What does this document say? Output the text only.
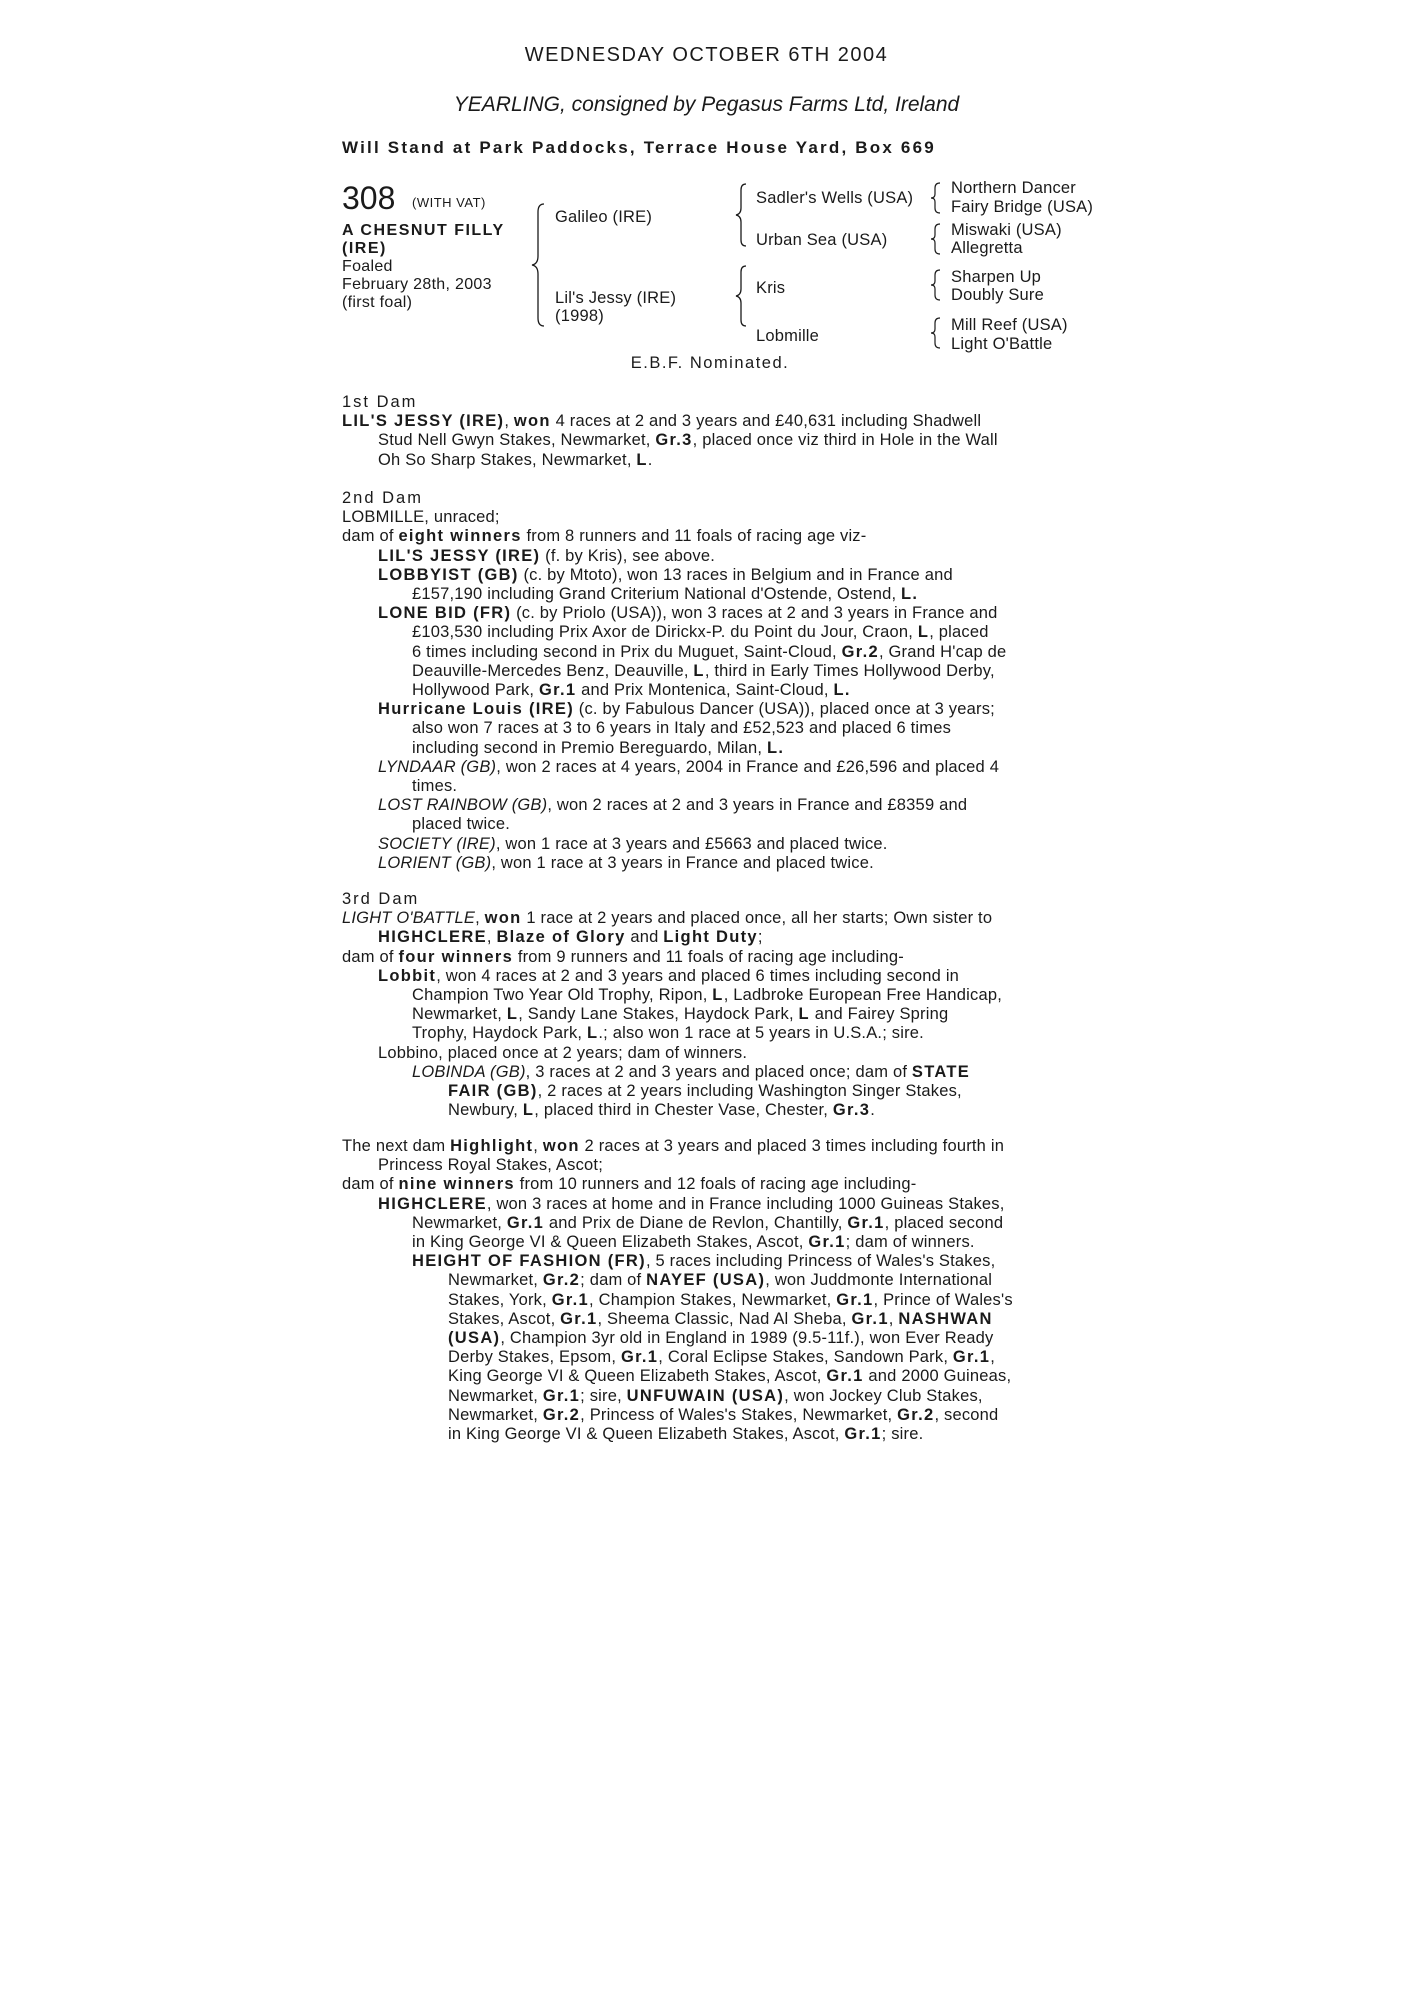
WEDNESDAY OCTOBER 6TH 2004
YEARLING, consigned by Pegasus Farms Ltd, Ireland
Will Stand at Park Paddocks, Terrace House Yard, Box 669
308 (WITH VAT)
A CHESNUT FILLY
(IRE)
Foaled
February 28th, 2003
(first foal)
Galileo (IRE)
Lil's Jessy (IRE)
(1998)
Sadler's Wells (USA)
Urban Sea (USA)
Kris
Lobmille
Northern Dancer
Fairy Bridge (USA)
Miswaki (USA)
Allegretta
Sharpen Up
Doubly Sure
Mill Reef (USA)
Light O'Battle
E.B.F. Nominated.

1st Dam

LIL'S JESSY (IRE), won 4 races at 2 and 3 years and £40,631 including Shadwell

Stud Nell Gwyn Stakes, Newmarket, Gr.3, placed once viz third in Hole in the Wall

Oh So Sharp Stakes, Newmarket, L.

2nd Dam

LOBMILLE, unraced;

dam of eight winners from 8 runners and 11 foals of racing age viz-

LIL'S JESSY (IRE) (f. by Kris), see above.

LOBBYIST (GB) (c. by Mtoto), won 13 races in Belgium and in France and

£157,190 including Grand Criterium National d'Ostende, Ostend, L.

LONE BID (FR) (c. by Priolo (USA)), won 3 races at 2 and 3 years in France and

£103,530 including Prix Axor de Dirickx-P. du Point du Jour, Craon, L, placed

6 times including second in Prix du Muguet, Saint-Cloud, Gr.2, Grand H'cap de

Deauville-Mercedes Benz, Deauville, L, third in Early Times Hollywood Derby,

Hollywood Park, Gr.1 and Prix Montenica, Saint-Cloud, L.

Hurricane Louis (IRE) (c. by Fabulous Dancer (USA)), placed once at 3 years;

also won 7 races at 3 to 6 years in Italy and £52,523 and placed 6 times

including second in Premio Bereguardo, Milan, L.

LYNDAAR (GB), won 2 races at 4 years, 2004 in France and £26,596 and placed 4

times.

LOST RAINBOW (GB), won 2 races at 2 and 3 years in France and £8359 and

placed twice.

SOCIETY (IRE), won 1 race at 3 years and £5663 and placed twice.

LORIENT (GB), won 1 race at 3 years in France and placed twice.

3rd Dam

LIGHT O'BATTLE, won 1 race at 2 years and placed once, all her starts; Own sister to

HIGHCLERE, Blaze of Glory and Light Duty;

dam of four winners from 9 runners and 11 foals of racing age including-

Lobbit, won 4 races at 2 and 3 years and placed 6 times including second in

Champion Two Year Old Trophy, Ripon, L, Ladbroke European Free Handicap,

Newmarket, L, Sandy Lane Stakes, Haydock Park, L and Fairey Spring

Trophy, Haydock Park, L.; also won 1 race at 5 years in U.S.A.; sire.

Lobbino, placed once at 2 years; dam of winners.

LOBINDA (GB), 3 races at 2 and 3 years and placed once; dam of STATE

FAIR (GB), 2 races at 2 years including Washington Singer Stakes,

Newbury, L, placed third in Chester Vase, Chester, Gr.3.

The next dam Highlight, won 2 races at 3 years and placed 3 times including fourth in

Princess Royal Stakes, Ascot;

dam of nine winners from 10 runners and 12 foals of racing age including-

HIGHCLERE, won 3 races at home and in France including 1000 Guineas Stakes,

Newmarket, Gr.1 and Prix de Diane de Revlon, Chantilly, Gr.1, placed second

in King George VI & Queen Elizabeth Stakes, Ascot, Gr.1; dam of winners.

HEIGHT OF FASHION (FR), 5 races including Princess of Wales's Stakes,

Newmarket, Gr.2; dam of NAYEF (USA), won Juddmonte International

Stakes, York, Gr.1, Champion Stakes, Newmarket, Gr.1, Prince of Wales's

Stakes, Ascot, Gr.1, Sheema Classic, Nad Al Sheba, Gr.1, NASHWAN

(USA), Champion 3yr old in England in 1989 (9.5-11f.), won Ever Ready

Derby Stakes, Epsom, Gr.1, Coral Eclipse Stakes, Sandown Park, Gr.1,

King George VI & Queen Elizabeth Stakes, Ascot, Gr.1 and 2000 Guineas,

Newmarket, Gr.1; sire, UNFUWAIN (USA), won Jockey Club Stakes,

Newmarket, Gr.2, Princess of Wales's Stakes, Newmarket, Gr.2, second

in King George VI & Queen Elizabeth Stakes, Ascot, Gr.1; sire.
